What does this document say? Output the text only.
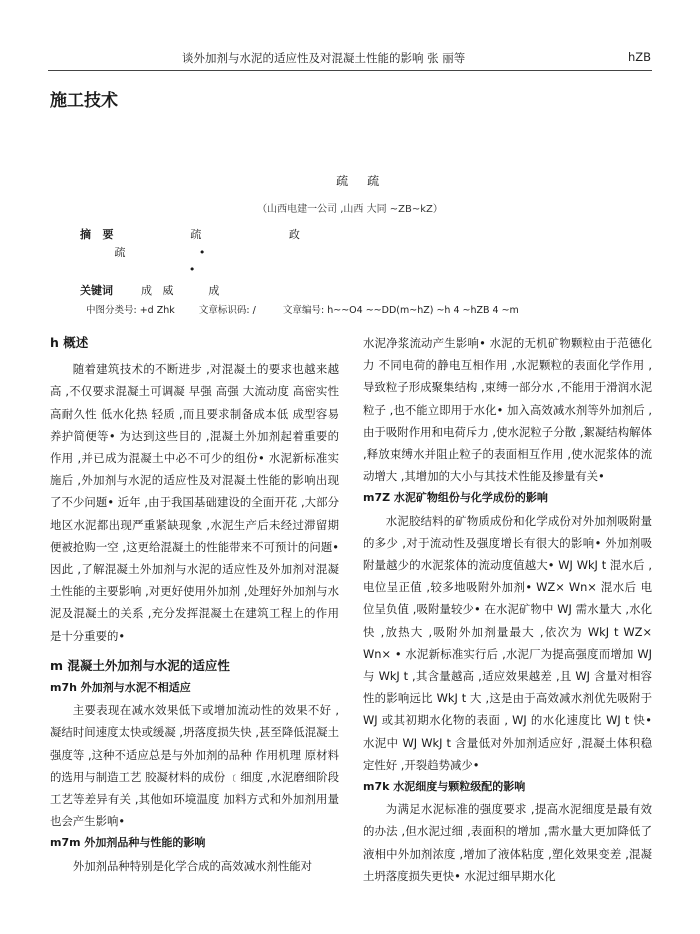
谈外加剂与水泥的适应性及对混凝土性能的影响 张 丽等	hZB
￼施工技术￼
￼ ￼ ￼ ￼     ￼     ￼           ￼ ￼ ￼     ￼     ￼ ￼
￼   ￼ 疏 ￼    疏
（山西电建一公司 ,山西 大同 ~ZB~kZ）
￼摘   要￼  ￼ ￼ ￼ ￼ ￼ ￼     ￼ ￼ ￼     ￼ ￼ ￼ 疏     ￼ ￼ ￼ ￼ ￼     ￼     ￼     ￼ 政     ￼ ￼
疏  ￼ ￼ ￼     ￼     ￼ ￼     ￼ •     ￼     ￼ ￼ ￼ ￼ ￼ ￼ ￼     ￼ ￼ ￼          ￼     ￼       ￼ ￼     ￼
￼ ￼          ￼ ￼ ￼       ￼       ￼ ￼ ￼ •
￼关键词￼  ￼ ￼ ￼ ￼ ￼ ￼ 成  ￼ 威          成  ￼  ￼ ￼
中图分类号: +d Zhk        文章标识码: /         文章编号: h~~O4 ~~DD(m~hZ) ~h 4 ~hZB 4 ~m
h 概述

随着建筑技术的不断进步 ,对混凝土的要求也越来越高 ,不仅要求混凝土可调凝 早强 高强 大流动度 高密实性 高耐久性 低水化热 轻质 ,而且要求制备成本低 成型容易 养护简便等• 为达到这些目的 ,混凝土外加剂起着重要的作用 ,并已成为混凝土中必不可少的组份• 水泥新标准实施后 ,外加剂与水泥的适应性及对混凝土性能的影响出现了不少问题• 近年 ,由于我国基础建设的全面开花 ,大部分地区水泥都出现严重紧缺现象 ,水泥生产后未经过滞留期便被抢购一空 ,这更给混凝土的性能带来不可预计的问题• 因此 ,了解混凝土外加剂与水泥的适应性及外加剂对混凝土性能的主要影响 ,对更好使用外加剂 ,处理好外加剂与水泥及混凝土的关系 ,充分发挥混凝土在建筑工程上的作用是十分重要的•

m 混凝土外加剂与水泥的适应性
m7h 外加剂与水泥不相适应

主要表现在减水效果低下或增加流动性的效果不好 ,凝结时间速度太快或缓凝 ,坍落度损失快 ,甚至降低混凝土强度等 ,这种不适应总是与外加剂的品种 作用机理 原材料的选用与制造工艺 胶凝材料的成份 ﹝细度 ,水泥磨细阶段工艺等差异有关 ,其他如环境温度 加料方式和外加剂用量也会产生影响•

m7m 外加剂品种与性能的影响

外加剂品种特别是化学合成的高效减水剂性能对

水泥净浆流动产生影响• 水泥的无机矿物颗粒由于范德化力 不同电荷的静电互相作用 ,水泥颗粒的表面化学作用 ,导致粒子形成聚集结构 ,束缚一部分水 ,不能用于滑润水泥粒子 ,也不能立即用于水化• 加入高效减水剂等外加剂后 ,由于吸附作用和电荷斥力 ,使水泥粒子分散 ,絮凝结构解体 ,释放束缚水并阻止粒子的表面相互作用 ,使水泥浆体的流动增大 ,其增加的大小与其技术性能及掺量有关•

m7Z 水泥矿物组份与化学成份的影响

水泥胶结料的矿物质成份和化学成份对外加剂吸附量的多少 ,对于流动性及强度增长有很大的影响• 外加剂吸附量越少的水泥浆体的流动度值越大• WJ WkJ t 混水后 , 电位呈正值 ,较多地吸附外加剂• WZ× Wn× 混水后 电位呈负值 ,吸附量较少• 在水泥矿物中 WJ 需水量大 ,水化快 ,放热大 ,吸附外加剂量最大 ,依次为 WkJ t WZ× Wn× • 水泥新标准实行后 ,水泥厂为提高强度而增加 WJ 与 WkJ t ,其含量越高 ,适应效果越差 ,且 WJ 含量对相容性的影响远比 WkJ t 大 ,这是由于高效减水剂优先吸附于 WJ 或其初期水化物的表面 , WJ 的水化速度比 WJ t 快• 水泥中 WJ WkJ t 含量低对外加剂适应好 ,混凝土体积稳定性好 ,开裂趋势减少•

m7k 水泥细度与颗粒级配的影响

为满足水泥标准的强度要求 ,提高水泥细度是最有效的办法 ,但水泥过细 ,表面积的增加 ,需水量大更加降低了液相中外加剂浓度 ,增加了液体粘度 ,塑化效果变差 ,混凝土坍落度损失更快• 水泥过细早期水化
